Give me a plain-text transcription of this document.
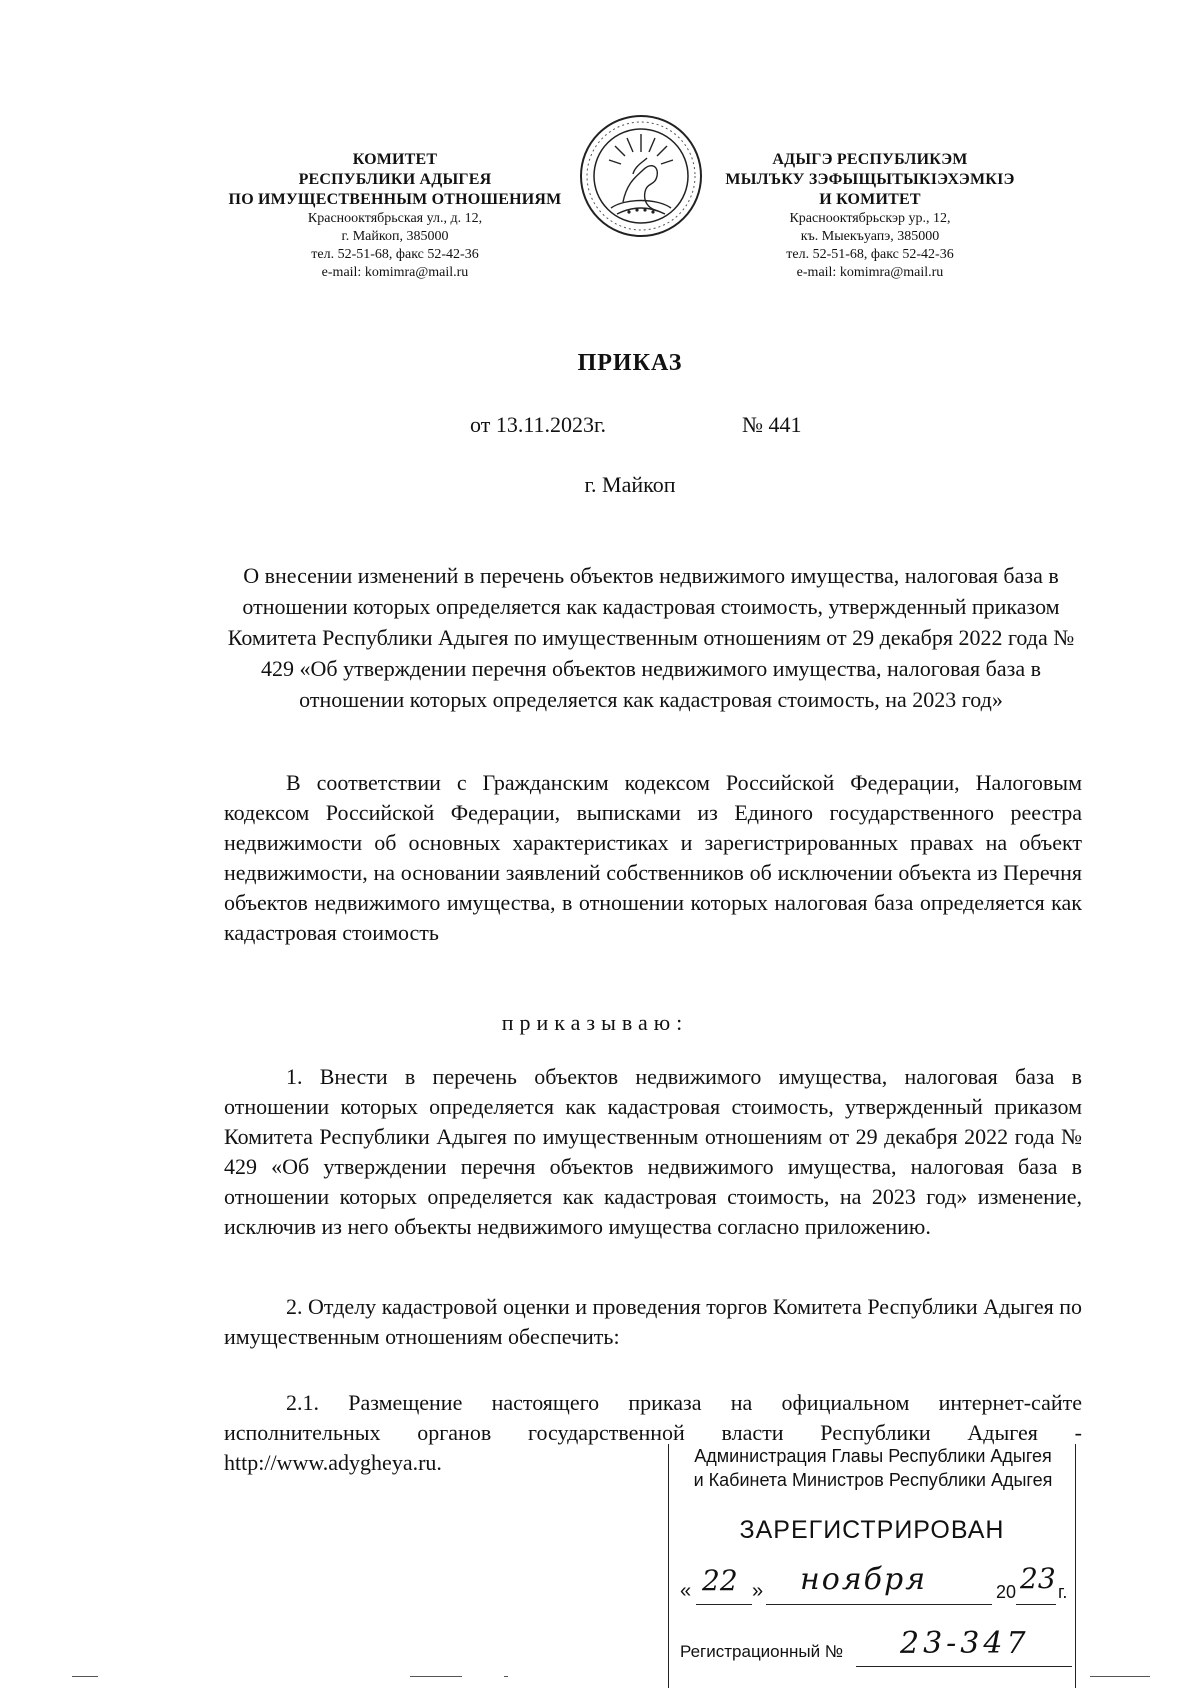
КОМИТЕТ
РЕСПУБЛИКИ АДЫГЕЯ
ПО ИМУЩЕСТВЕННЫМ ОТНОШЕНИЯМ
Краснооктябрьская ул., д. 12,
г. Майкоп, 385000
тел. 52-51-68, факс 52-42-36
e-mail: komimra@mail.ru
АДЫГЭ РЕСПУБЛИКЭМ
МЫЛЪКУ ЗЭФЫЩЫТЫКIЭХЭМКIЭ
И КОМИТЕТ
Краснооктябрьскэр ур., 12,
къ. Мыекъуапэ, 385000
тел. 52-51-68, факс 52-42-36
e-mail: komimra@mail.ru
ПРИКАЗ
от 13.11.2023г.	№ 441
г. Майкоп
О внесении изменений в перечень объектов недвижимого имущества, налоговая база в отношении которых определяется как кадастровая стоимость, утвержденный приказом Комитета Республики Адыгея по имущественным отношениям от 29 декабря 2022 года № 429 «Об утверждении перечня объектов недвижимого имущества, налоговая база в отношении которых определяется как кадастровая стоимость, на 2023 год»
В соответствии с Гражданским кодексом Российской Федерации, Налоговым кодексом Российской Федерации, выписками из Единого государственного реестра недвижимости об основных характеристиках и зарегистрированных правах на объект недвижимости, на основании заявлений собственников об исключении объекта из Перечня объектов недвижимого имущества, в отношении которых налоговая база определяется как кадастровая стоимость
приказываю:
1. Внести в перечень объектов недвижимого имущества, налоговая база в отношении которых определяется как кадастровая стоимость, утвержденный приказом Комитета Республики Адыгея по имущественным отношениям от 29 декабря 2022 года № 429 «Об утверждении перечня объектов недвижимого имущества, налоговая база в отношении которых определяется как кадастровая стоимость, на 2023 год» изменение, исключив из него объекты недвижимого имущества согласно приложению.
2. Отделу кадастровой оценки и проведения торгов Комитета Республики Адыгея по имущественным отношениям обеспечить:
2.1. Размещение настоящего приказа на официальном интернет-сайте исполнительных органов государственной власти Республики Адыгея - http://www.adygheya.ru.	Администрация Главы Республики Адыгея
и Кабинета Министров Республики Адыгея
ЗАРЕГИСТРИРОВАН
« 22 » ноября	20 23 г.
Регистрационный № 23-347
